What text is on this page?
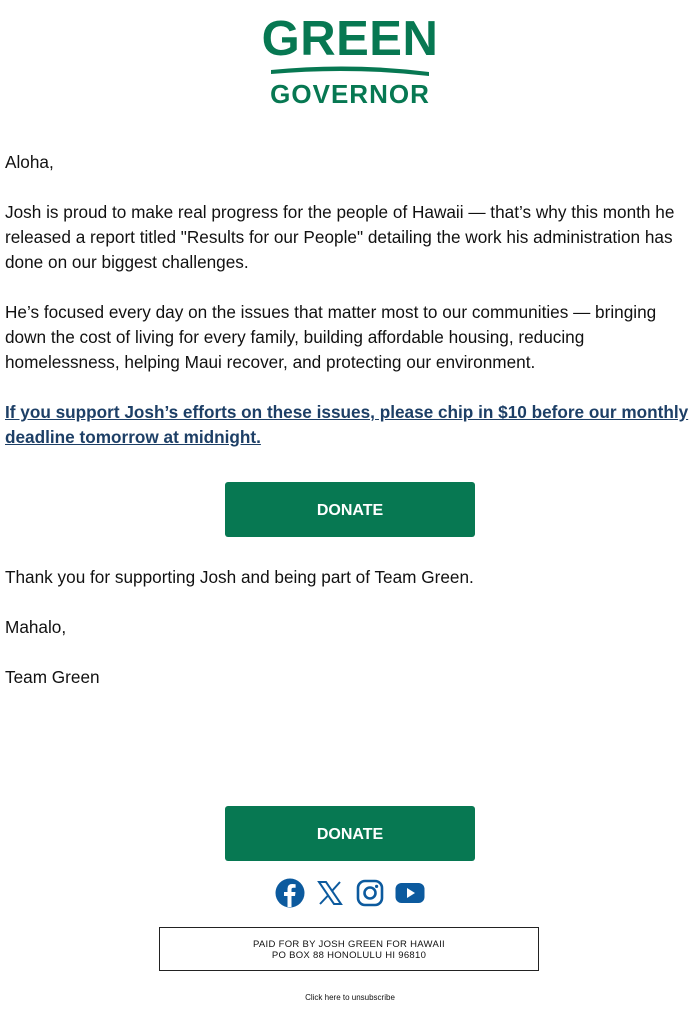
GREEN
GOVERNOR

Aloha,

Josh is proud to make real progress for the people of Hawaii — that’s why this month he released a report titled "Results for our People" detailing the work his administration has done on our biggest challenges.

He’s focused every day on the issues that matter most to our communities — bringing down the cost of living for every family, building affordable housing, reducing homelessness, helping Maui recover, and protecting our environment.

If you support Josh’s efforts on these issues, please chip in $10 before our monthly deadline tomorrow at midnight.

DONATE

Thank you for supporting Josh and being part of Team Green.

Mahalo,

Team Green

DONATE
PAID FOR BY JOSH GREEN FOR HAWAII
PO BOX 88 HONOLULU HI 96810
Click here to unsubscribe
